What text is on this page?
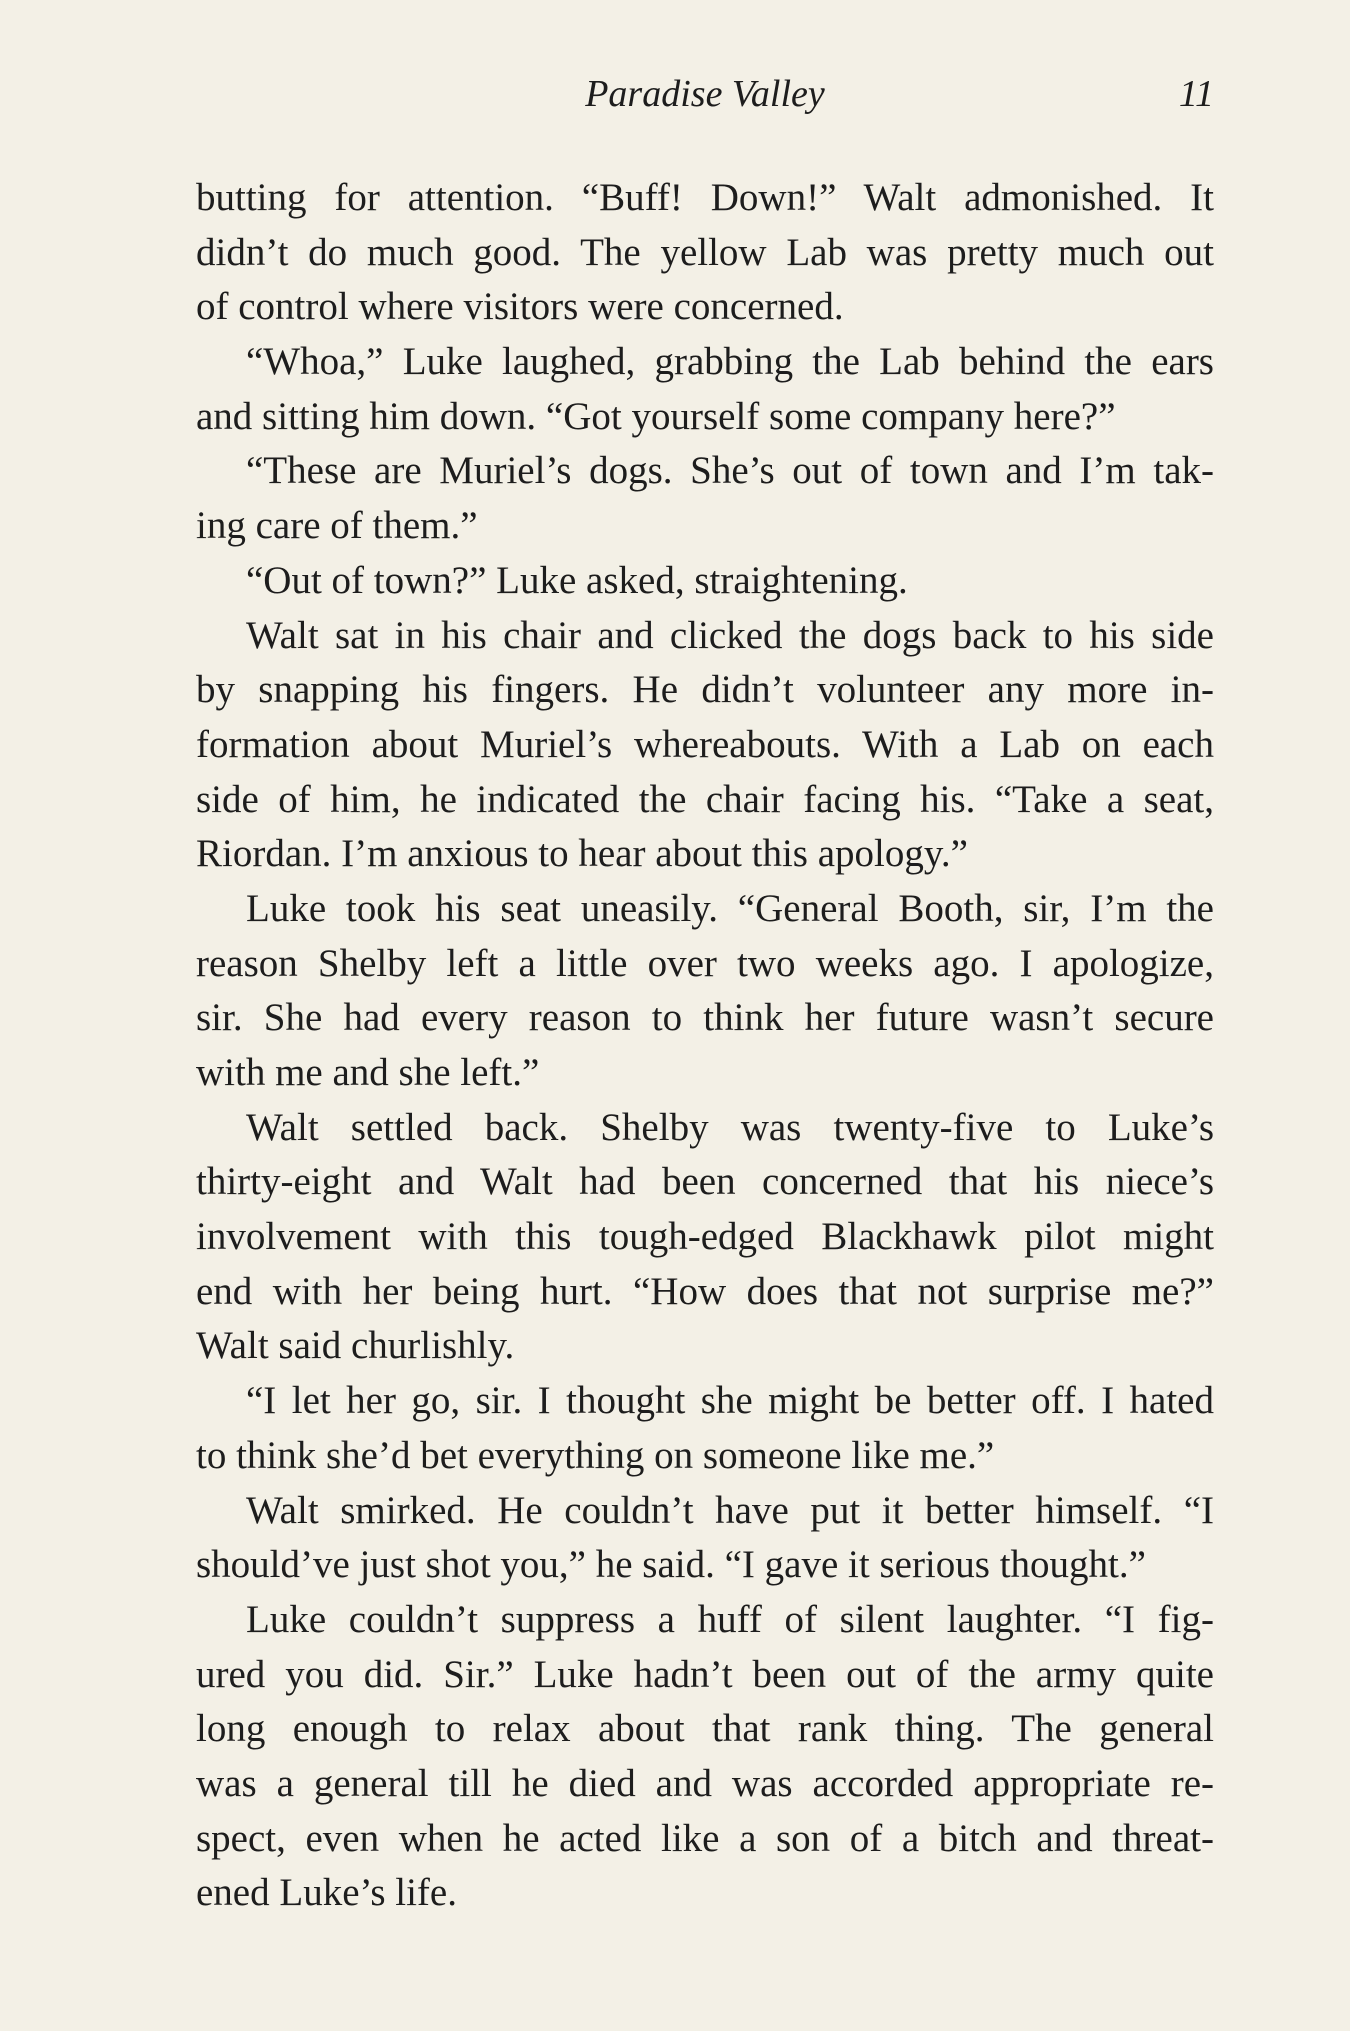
Paradise Valley	11
butting for attention. “Buff! Down!” Walt admonished. It
didn’t do much good. The yellow Lab was pretty much out
of control where visitors were concerned.
“Whoa,” Luke laughed, grabbing the Lab behind the ears
and sitting him down. “Got yourself some company here?”
“These are Muriel’s dogs. She’s out of town and I’m tak-
ing care of them.”
“Out of town?” Luke asked, straightening.
Walt sat in his chair and clicked the dogs back to his side
by snapping his fingers. He didn’t volunteer any more in-
formation about Muriel’s whereabouts. With a Lab on each
side of him, he indicated the chair facing his. “Take a seat,
Riordan. I’m anxious to hear about this apology.”
Luke took his seat uneasily. “General Booth, sir, I’m the
reason Shelby left a little over two weeks ago. I apologize,
sir. She had every reason to think her future wasn’t secure
with me and she left.”
Walt settled back. Shelby was twenty-five to Luke’s
thirty-eight and Walt had been concerned that his niece’s
involvement with this tough-edged Blackhawk pilot might
end with her being hurt. “How does that not surprise me?”
Walt said churlishly.
“I let her go, sir. I thought she might be better off. I hated
to think she’d bet everything on someone like me.”
Walt smirked. He couldn’t have put it better himself. “I
should’ve just shot you,” he said. “I gave it serious thought.”
Luke couldn’t suppress a huff of silent laughter. “I fig-
ured you did. Sir.” Luke hadn’t been out of the army quite
long enough to relax about that rank thing. The general
was a general till he died and was accorded appropriate re-
spect, even when he acted like a son of a bitch and threat-
ened Luke’s life.
